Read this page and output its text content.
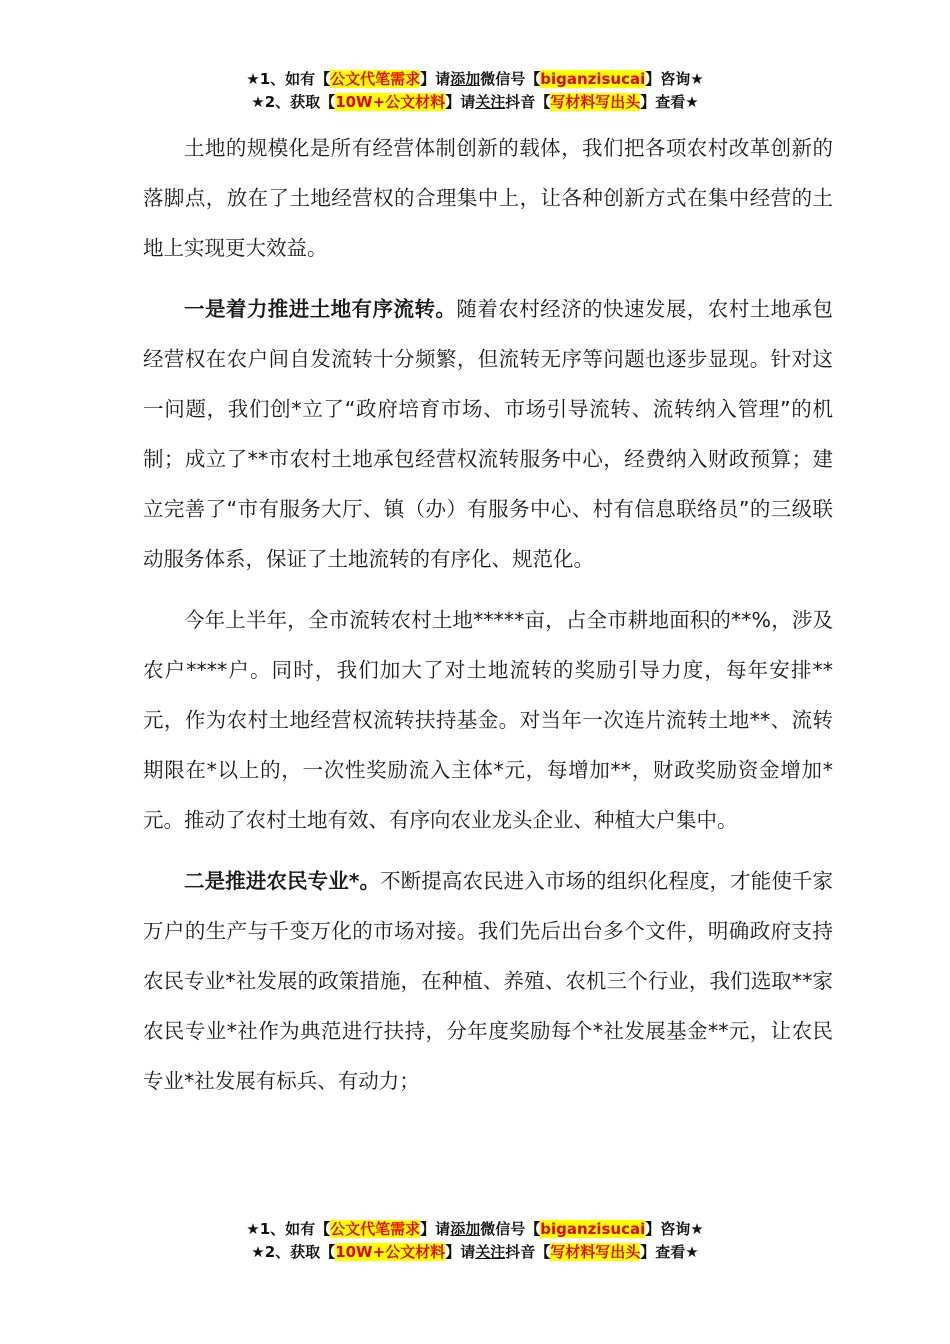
★1、如有【公文代笔需求】请添加微信号【biganzisucai】咨询★
★2、获取【10W+公文材料】请关注抖音【写材料写出头】查看★

土地的规模化是所有经营体制创新的载体，我们把各项农村改革创新的落脚点，放在了土地经营权的合理集中上，让各种创新方式在集中经营的土地上实现更大效益。

一是着力推进土地有序流转。随着农村经济的快速发展，农村土地承包经营权在农户间自发流转十分频繁，但流转无序等问题也逐步显现。针对这一问题，我们创*立了“政府培育市场、市场引导流转、流转纳入管理”的机制；成立了**市农村土地承包经营权流转服务中心，经费纳入财政预算；建立完善了“市有服务大厅、镇（办）有服务中心、村有信息联络员”的三级联动服务体系，保证了土地流转的有序化、规范化。

今年上半年，全市流转农村土地*****亩，占全市耕地面积的**%，涉及农户****户。同时，我们加大了对土地流转的奖励引导力度，每年安排**元，作为农村土地经营权流转扶持基金。对当年一次连片流转土地**、流转期限在*以上的，一次性奖励流入主体*元，每增加**，财政奖励资金增加*元。推动了农村土地有效、有序向农业龙头企业、种植大户集中。

二是推进农民专业*。不断提高农民进入市场的组织化程度，才能使千家万户的生产与千变万化的市场对接。我们先后出台多个文件，明确政府支持农民专业*社发展的政策措施，在种植、养殖、农机三个行业，我们选取**家农民专业*社作为典范进行扶持，分年度奖励每个*社发展基金**元，让农民专业*社发展有标兵、有动力；

★1、如有【公文代笔需求】请添加微信号【biganzisucai】咨询★
★2、获取【10W+公文材料】请关注抖音【写材料写出头】查看★
